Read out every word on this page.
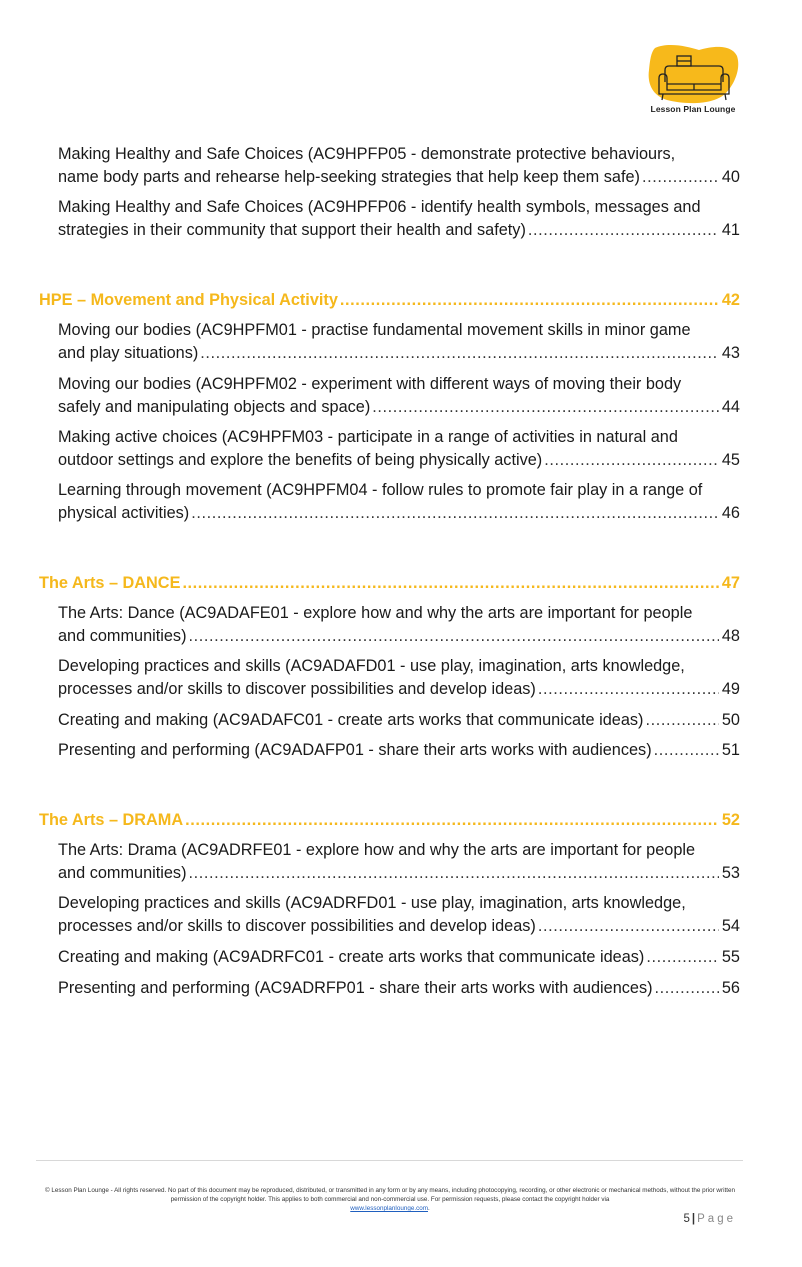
Lesson Plan Lounge
Making Healthy and Safe Choices (AC9HPFP05 - demonstrate protective behaviours,
name body parts and rehearse help-seeking strategies that help keep them safe) .....	40
Making Healthy and Safe Choices (AC9HPFP06 - identify health symbols, messages and
strategies in their community that support their health and safety) .....	41
HPE – Movement and Physical Activity .....	42
Moving our bodies (AC9HPFM01 - practise fundamental movement skills in minor game
and play situations) .....	43
Moving our bodies (AC9HPFM02 - experiment with different ways of moving their body
safely and manipulating objects and space) .....	44
Making active choices (AC9HPFM03 - participate in a range of activities in natural and
outdoor settings and explore the benefits of being physically active) .....	45
Learning through movement (AC9HPFM04 - follow rules to promote fair play in a range of
physical activities) .....	46
The Arts – DANCE .....	47
The Arts: Dance (AC9ADAFE01 - explore how and why the arts are important for people
and communities) .....	48
Developing practices and skills (AC9ADAFD01 - use play, imagination, arts knowledge,
processes and/or skills to discover possibilities and develop ideas) .....	49
Creating and making (AC9ADAFC01 - create arts works that communicate ideas) .....	50
Presenting and performing (AC9ADAFP01 - share their arts works with audiences) .....	51
The Arts – DRAMA .....	52
The Arts: Drama (AC9ADRFE01 - explore how and why the arts are important for people
and communities) .....	53
Developing practices and skills (AC9ADRFD01 - use play, imagination, arts knowledge,
processes and/or skills to discover possibilities and develop ideas) .....	54
Creating and making (AC9ADRFC01 - create arts works that communicate ideas) .....	55
Presenting and performing (AC9ADRFP01 - share their arts works with audiences) .....	56
© Lesson Plan Lounge - All rights reserved. No part of this document may be reproduced, distributed, or transmitted in any form or by any means, including photocopying, recording, or other electronic or mechanical methods, without the prior written permission of the copyright holder. This applies to both commercial and non-commercial use. For permission requests, please contact the copyright holder via
www.lessonplanlounge.com.
5 | Page
